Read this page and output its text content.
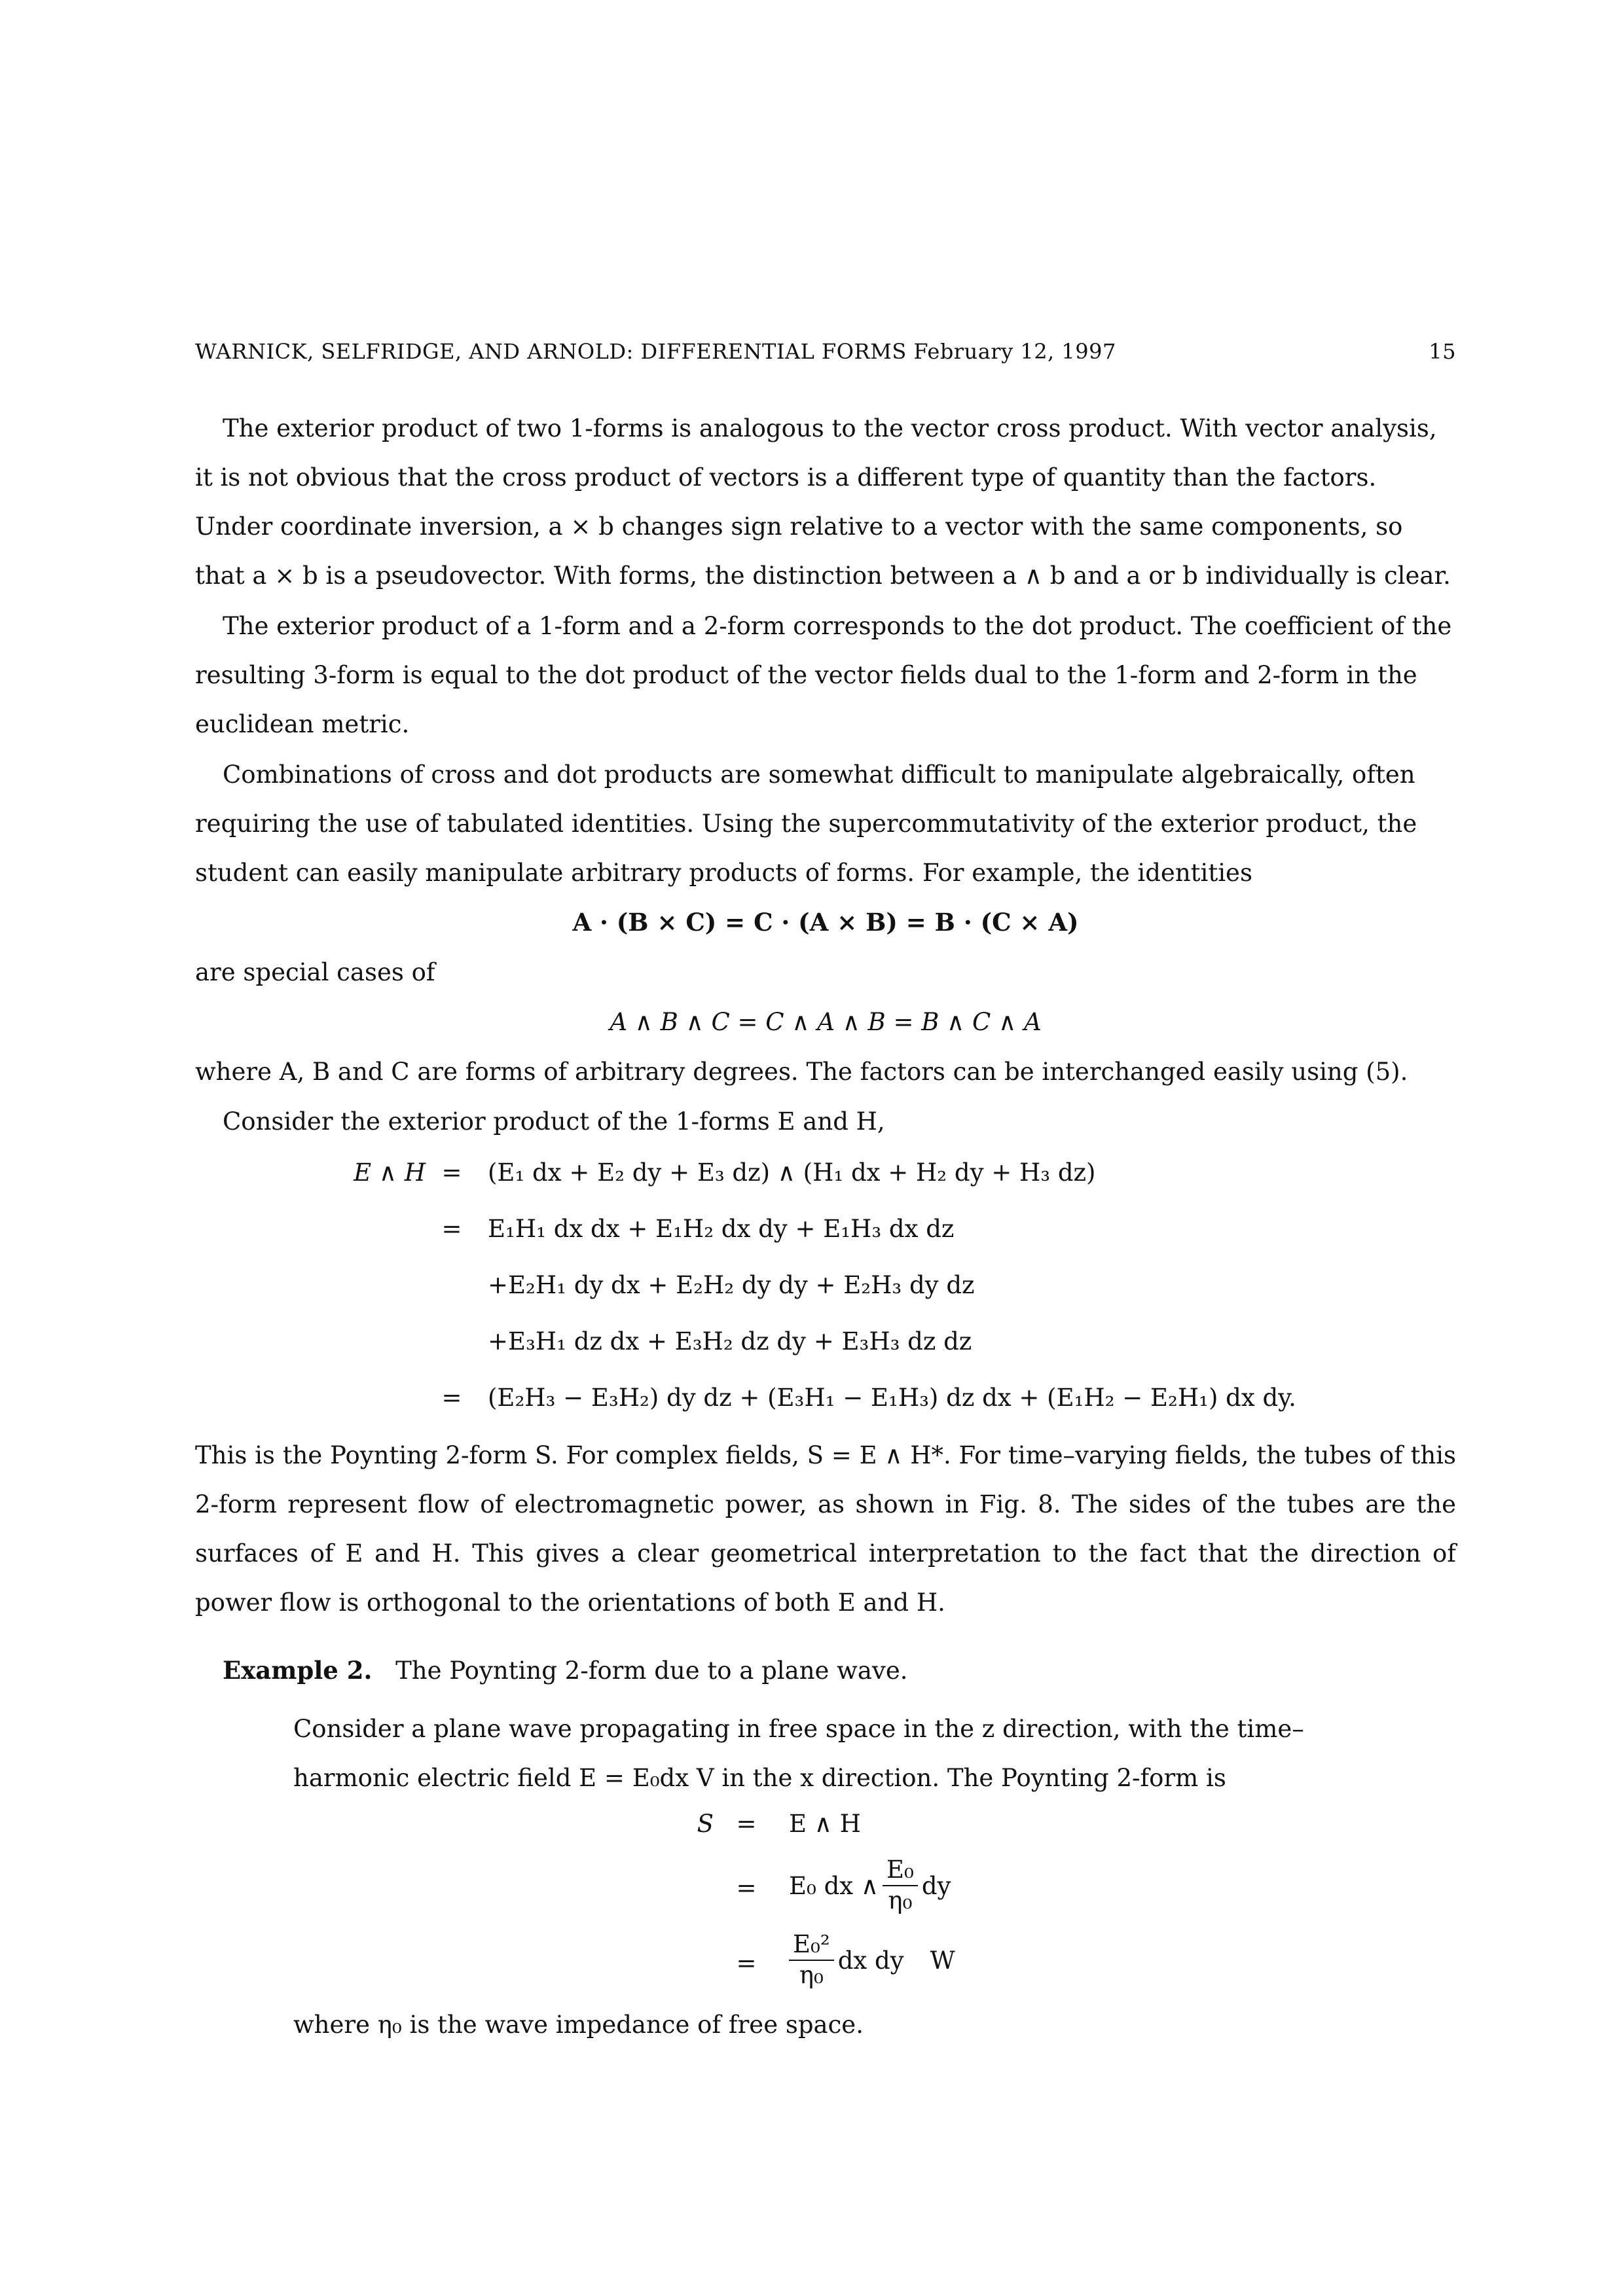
WARNICK, SELFRIDGE, AND ARNOLD: DIFFERENTIAL FORMS February 12, 1997	15
The exterior product of two 1-forms is analogous to the vector cross product. With vector analysis, it is not obvious that the cross product of vectors is a different type of quantity than the factors. Under coordinate inversion, a × b changes sign relative to a vector with the same components, so that a × b is a pseudovector. With forms, the distinction between a ∧ b and a or b individually is clear.
The exterior product of a 1-form and a 2-form corresponds to the dot product. The coefficient of the resulting 3-form is equal to the dot product of the vector fields dual to the 1-form and 2-form in the euclidean metric.
Combinations of cross and dot products are somewhat difficult to manipulate algebraically, often requiring the use of tabulated identities. Using the supercommutativity of the exterior product, the student can easily manipulate arbitrary products of forms. For example, the identities
A · (B × C) = C · (A × B) = B · (C × A)
are special cases of
A ∧ B ∧ C = C ∧ A ∧ B = B ∧ C ∧ A
where A, B and C are forms of arbitrary degrees. The factors can be interchanged easily using (5).
Consider the exterior product of the 1-forms E and H,
E ∧ H = (E₁ dx + E₂ dy + E₃ dz) ∧ (H₁ dx + H₂ dy + H₃ dz)
= E₁H₁ dx dx + E₁H₂ dx dy + E₁H₃ dx dz
+E₂H₁ dy dx + E₂H₂ dy dy + E₂H₃ dy dz
+E₃H₁ dz dx + E₃H₂ dz dy + E₃H₃ dz dz
= (E₂H₃ − E₃H₂) dy dz + (E₃H₁ − E₁H₃) dz dx + (E₁H₂ − E₂H₁) dx dy.
This is the Poynting 2-form S. For complex fields, S = E ∧ H*. For time–varying fields, the tubes of this 2-form represent flow of electromagnetic power, as shown in Fig. 8. The sides of the tubes are the surfaces of E and H. This gives a clear geometrical interpretation to the fact that the direction of power flow is orthogonal to the orientations of both E and H.
Example 2. The Poynting 2-form due to a plane wave.
Consider a plane wave propagating in free space in the z direction, with the time–harmonic electric field E = E₀dx V in the x direction. The Poynting 2-form is
S = E ∧ H
= E₀ dx ∧ $\frac{\text{E₀}}{\text{η₀}}$ dy
= $\frac{\text{E₀²}}{\text{η₀}}$ dx dy W
where η₀ is the wave impedance of free space.
